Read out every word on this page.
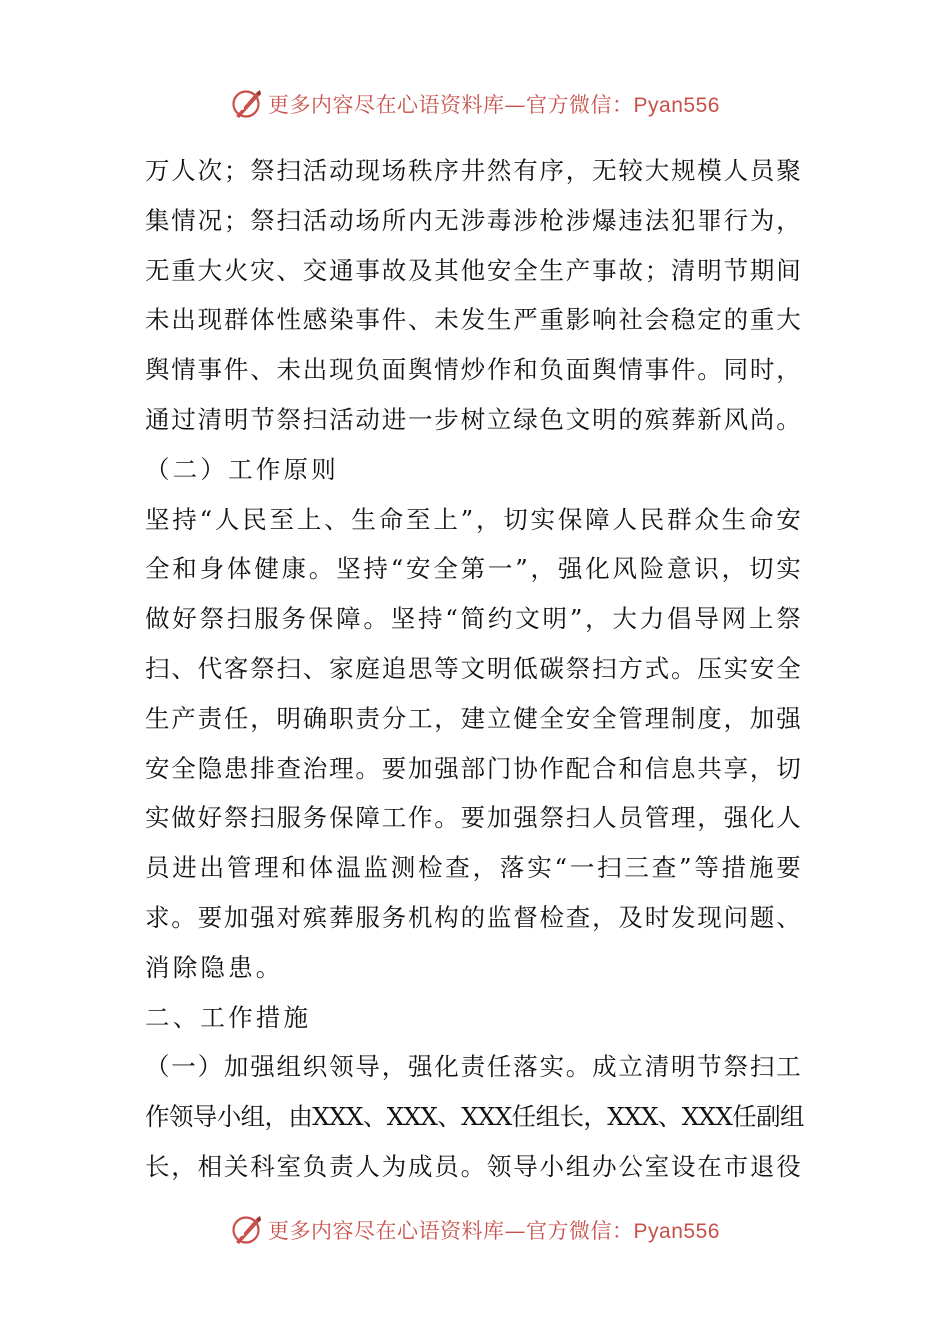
更多内容尽在心语资料库—官方微信：Pyan556
万人次；祭扫活动现场秩序井然有序，无较大规模人员聚
集情况；祭扫活动场所内无涉毒涉枪涉爆违法犯罪行为，
无重大火灾、交通事故及其他安全生产事故；清明节期间
未出现群体性感染事件、未发生严重影响社会稳定的重大
舆情事件、未出现负面舆情炒作和负面舆情事件。同时，
通过清明节祭扫活动进一步树立绿色文明的殡葬新风尚。
（二）工作原则
坚持“人民至上、生命至上”，切实保障人民群众生命安
全和身体健康。坚持“安全第一”，强化风险意识，切实
做好祭扫服务保障。坚持“简约文明”，大力倡导网上祭
扫、代客祭扫、家庭追思等文明低碳祭扫方式。压实安全
生产责任，明确职责分工，建立健全安全管理制度，加强
安全隐患排查治理。要加强部门协作配合和信息共享，切
实做好祭扫服务保障工作。要加强祭扫人员管理，强化人
员进出管理和体温监测检查，落实“一扫三查”等措施要
求。要加强对殡葬服务机构的监督检查，及时发现问题、
消除隐患。
二、工作措施
（一）加强组织领导，强化责任落实。成立清明节祭扫工
作领导小组，由XXX、XXX、XXX任组长，XXX、XXX任副组
长，相关科室负责人为成员。领导小组办公室设在市退役
更多内容尽在心语资料库—官方微信：Pyan556
